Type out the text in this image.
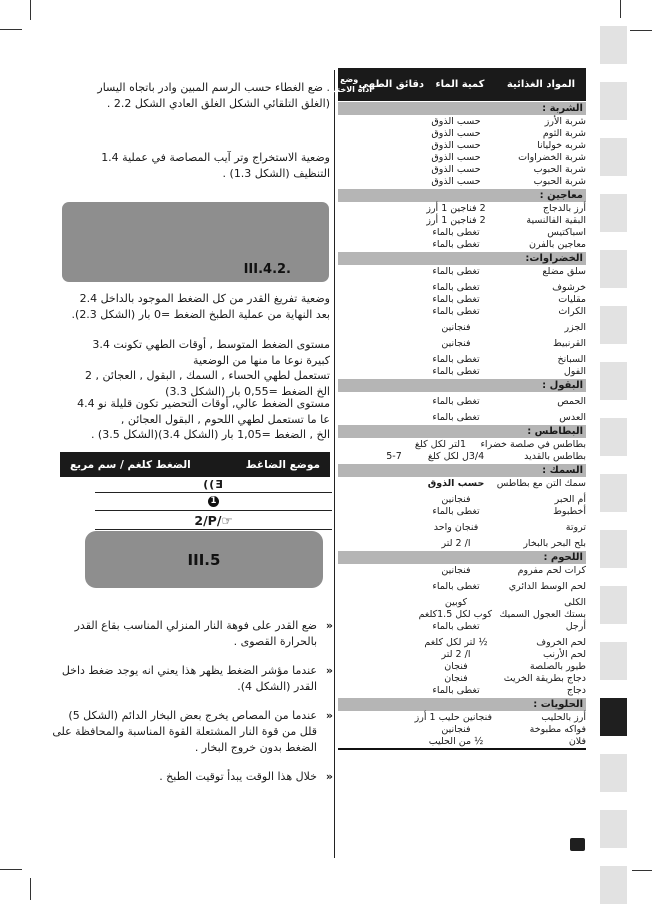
. ضع الغطاء حسب الرسم المبين وادر باتجاه اليسار
(الغلق التلقائي الشكل الغلق العادي الشكل 2.2 .
وضعية الاستخراج وتر آيب المصاصة في عملية 1.4
التنظيف (الشكل 1.3) .
III.4.2.
وضعية تفريغ القدر من كل الضغط الموجود بالداخل 2.4
بعد النهاية من عملية الطبخ الضغط =0 بار (الشكل 2.3).
مستوى الضغط المتوسط , أوقات الطهي تكونت 3.4
كبيرة نوعا ما منها من الوضعية
تستعمل لطهي الحساء , السمك , البقول , العجائن , 2
الخ الضغط =0,55 بار (الشكل 3.3)
مستوى الضغط عالي, أوقات التحضير تكون قليلة نو 4.4
عا ما تستعمل لطهي اللحوم , البقول العجائن ,
الخ , الضغط =1,05 بار (الشكل 3.4)(الشكل 3.5) .
موضع الضاغط
الضغط كلغم / سم مربع
((Ǝ
1
2/P/☞
III.5
«
ضع القدر على فوهة النار المنزلي المناسب بقاع القدر
بالحرارة القصوى .
«
عندما مؤشر الضغط يظهر هذا يعني انه يوجد ضغط داخل
القدر (الشكل 4).
«
عندما من المصاص يخرج بعض البخار الدائم (الشكل 5)
قلل من قوة النار المشتعلة القوة المناسبة والمحافظة على
الضغط بدون خروج البخار .
«
خلال هذا الوقت يبدأ توقيت الطبخ .
المواد الغذائية
كمية الماء
دقائق الطهي
وضع
أداة الاختيار
الشربة :
شربة الأرز
حسب الذوق
شربة الثوم
حسب الذوق
شربه خوليانا
حسب الذوق
شربة الخضراوات
حسب الذوق
شربة الحبوب
حسب الذوق
شربة الحبوب
حسب الذوق
معاجين :
أرز بالدجاج
2 فناجين 1 أرز
البقية الفالنسية
2 فناجين 1 أرز
اسباكتيس
تغطى بالماء
معاجين بالفرن
تغطى بالماء
الخضراوات:
سلق مضلع
تغطى بالماء
خرشوف
تغطى بالماء
مقليات
تغطى بالماء
الكراث
تغطى بالماء
الجزر
فنجانين
القرنبيط
فنجانين
السبانخ
تغطى بالماء
الفول
تغطى بالماء
البقول :
الحمص
تغطى بالماء
العدس
تغطى بالماء
البطاطس :
بطاطس في صلصة خضراء
1لتر لكل كلغ
بطاطس بالقديد
3/4ل لكل كلغ
5-7
السمك :
سمك التن مع بطاطس
حسب الذوق
أم الحبر
فنجانين
أخطبوط
تغطى بالماء
تروتة
فنجان واحد
بلح البحر بالبخار
ا/ 2 لتر
اللحوم :
كرات لحم مفروم
فنجانين
لحم الوسط الدائري
تغطى بالماء
الكلى
كوبين
بستك العجول السميك
كوب لكل 1.5كلغم
أرجل
تغطى بالماء
لحم الخروف
½ لتر لكل كلغم
لحم الأرنب
ا/ 2 لتر
طيور بالصلصة
فنجان
دجاج بطريقة الخريث
فنجان
دجاج
تغطى بالماء
الحلويات :
أرز بالحليب
فنجانين حليب 1 أرز
فواكه مطبوخة
فنجانين
فلان
½ من الحليب
